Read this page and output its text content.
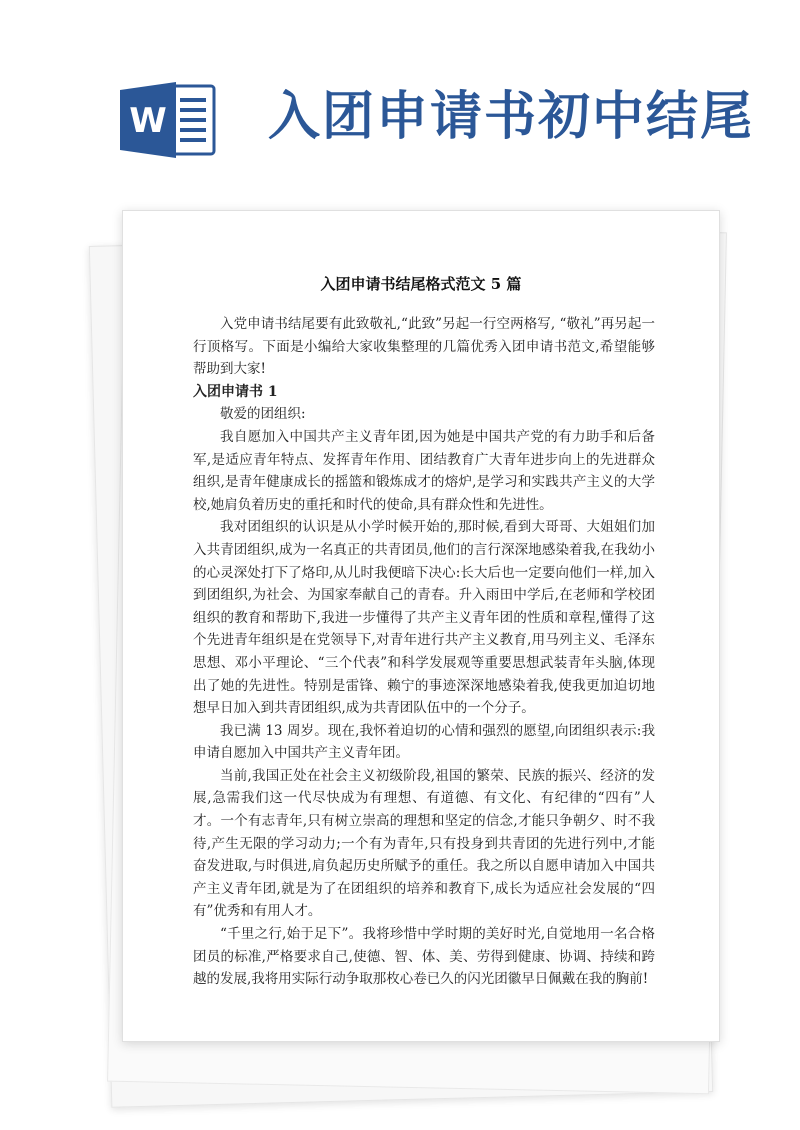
W 入团申请书初中结尾
入团申请书结尾格式范文 5 篇

入党申请书结尾要有此致敬礼,“此致”另起一行空两格写, “敬礼”再另起一行顶格写。下面是小编给大家收集整理的几篇优秀入团申请书范文,希望能够帮助到大家!

入团申请书 1

敬爱的团组织:

我自愿加入中国共产主义青年团,因为她是中国共产党的有力助手和后备军,是适应青年特点、发挥青年作用、团结教育广大青年进步向上的先进群众组织,是青年健康成长的摇篮和锻炼成才的熔炉,是学习和实践共产主义的大学校,她肩负着历史的重托和时代的使命,具有群众性和先进性。

我对团组织的认识是从小学时候开始的,那时候,看到大哥哥、大姐姐们加入共青团组织,成为一名真正的共青团员,他们的言行深深地感染着我,在我幼小的心灵深处打下了烙印,从儿时我便暗下决心:长大后也一定要向他们一样,加入到团组织,为社会、为国家奉献自己的青春。升入雨田中学后,在老师和学校团组织的教育和帮助下,我进一步懂得了共产主义青年团的性质和章程,懂得了这个先进青年组织是在党领导下,对青年进行共产主义教育,用马列主义、毛泽东思想、邓小平理论、“三个代表”和科学发展观等重要思想武装青年头脑,体现出了她的先进性。特别是雷锋、赖宁的事迹深深地感染着我,使我更加迫切地想早日加入到共青团组织,成为共青团队伍中的一个分子。

我已满 13 周岁。现在,我怀着迫切的心情和强烈的愿望,向团组织表示:我申请自愿加入中国共产主义青年团。

当前,我国正处在社会主义初级阶段,祖国的繁荣、民族的振兴、经济的发展,急需我们这一代尽快成为有理想、有道德、有文化、有纪律的“四有”人才。一个有志青年,只有树立崇高的理想和坚定的信念,才能只争朝夕、时不我待,产生无限的学习动力;一个有为青年,只有投身到共青团的先进行列中,才能奋发进取,与时俱进,肩负起历史所赋予的重任。我之所以自愿申请加入中国共产主义青年团,就是为了在团组织的培养和教育下,成长为适应社会发展的“四有”优秀和有用人才。

“千里之行,始于足下”。我将珍惜中学时期的美好时光,自觉地用一名合格团员的标准,严格要求自己,使德、智、体、美、劳得到健康、协调、持续和跨越的发展,我将用实际行动争取那枚心卷已久的闪光团徽早日佩戴在我的胸前!
